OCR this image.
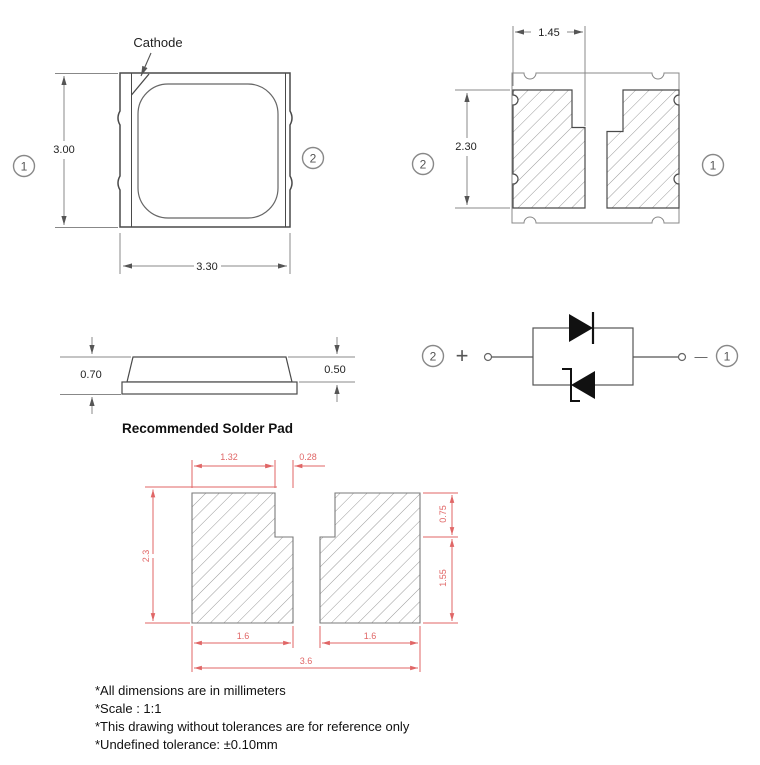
Cathode
3.00
3.30
1
2
1.45
2.30
2	1
0.70	0.50
2 +	— 1
Recommended Solder Pad
1.32	0.28
2.3
1.6	1.6
3.6
0.75
1.55
*All dimensions are in millimeters
*Scale : 1:1
*This drawing without tolerances are for reference only
*Undefined tolerance: ±0.10mm
